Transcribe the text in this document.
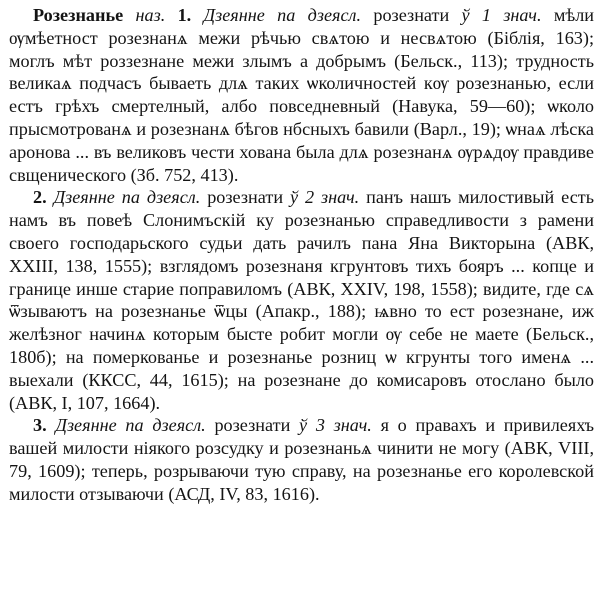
Розезнанье наз. 1. Дзеянне па дзеясл. розезнати ў 1 знач. мѣли ѹмѣетност розезнанѧ межи рѣчью свѧтою и несвѧтою (Біблія, 163); моглъ мѣт роззезнане межи злымъ а добрымъ (Бельск., 113); трудность великаѧ подчасъ бываеть длѧ таких ѡколичностей кѹ розезнанью, если естъ грѣхъ смертелный, албо повседневный (Навука, 59—60); ѡколо прысмотрованѧ и розезнанѧ бѣгов нбсныхъ бавили (Варл., 19); ѡнаѧ лѣска аронова ... въ великовъ чести хована была длѧ розезнанѧ ѹрѧдѹ правдиве свщенического (Зб. 752, 413).

2. Дзеянне па дзеясл. розезнати ў 2 знач. панъ нашъ милостивый есть намъ въ повеѣ Слонимъскій ку розезнанью справедливости з рамени своего господарьского судьи дать рачилъ пана Яна Викторына (АВК, XXIII, 138, 1555); взглядомъ розезнаня кгрунтовъ тихъ бояръ ... копце и границе инше старие поправиломъ (АВК, XXIV, 198, 1558); видите, где сѧ ѿзываютъ на розезнанье ѿцы (Апакр., 188); ѩвно то ест розезнане, иж желѣзног начинѧ которым бысте робит могли ѹ себе не маете (Бельск., 180б); на померкованье и розезнанье розниц ѡ кгрунты того именѧ ... выехали (ККСС, 44, 1615); на розезнане до комисаровъ отослано было (АВК, I, 107, 1664).

3. Дзеянне па дзеясл. розезнати ў 3 знач. я о правахъ и привилеяхъ вашей милости нiякого розсудку и розезнаньѧ чинити не могу (АВК, VIII, 79, 1609); теперь, розрываючи тую справу, на розезнанье его королевской милости отзываючи (АСД, IV, 83, 1616).
